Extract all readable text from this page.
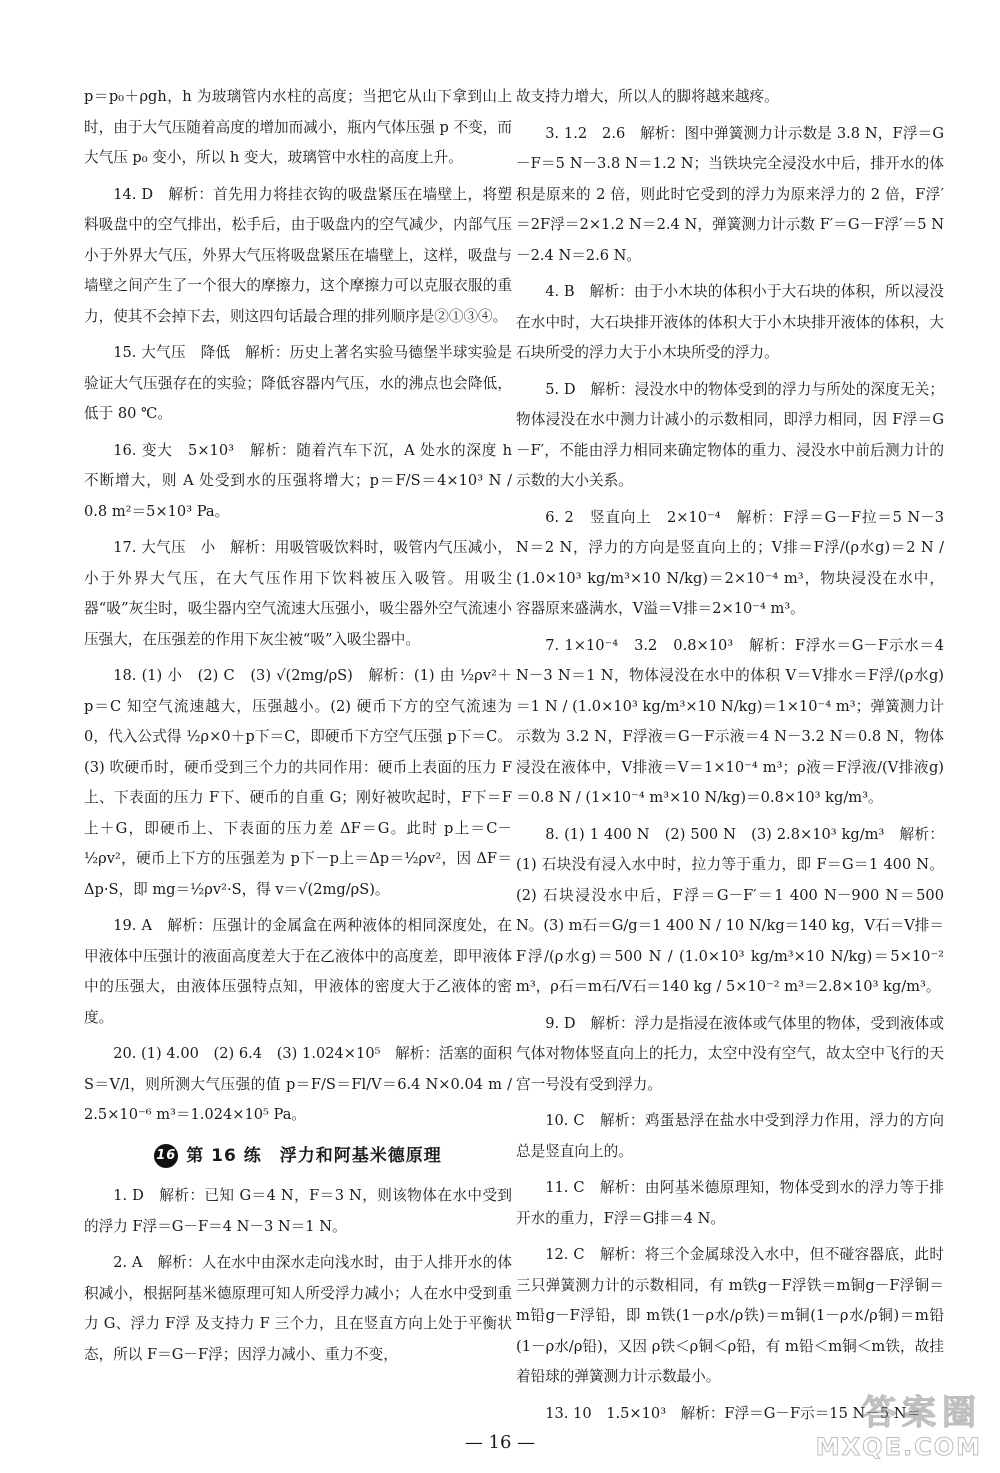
p＝p₀＋ρgh，h 为玻璃管内水柱的高度；当把它从山下拿到山上时，由于大气压随着高度的增加而减小，瓶内气体压强 p 不变，而大气压 p₀ 变小，所以 h 变大，玻璃管中水柱的高度上升。

14. D　解析：首先用力将挂衣钩的吸盘紧压在墙壁上，将塑料吸盘中的空气排出，松手后，由于吸盘内的空气减少，内部气压小于外界大气压，外界大气压将吸盘紧压在墙壁上，这样，吸盘与墙壁之间产生了一个很大的摩擦力，这个摩擦力可以克服衣服的重力，使其不会掉下去，则这四句话最合理的排列顺序是②①③④。

15. 大气压　降低　解析：历史上著名实验马德堡半球实验是验证大气压强存在的实验；降低容器内气压，水的沸点也会降低，低于 80 ℃。

16. 变大　5×10³　解析：随着汽车下沉，A 处水的深度 h 不断增大，则 A 处受到水的压强将增大；p＝F/S＝4×10³ N / 0.8 m²＝5×10³ Pa。

17. 大气压　小　解析：用吸管吸饮料时，吸管内气压减小，小于外界大气压，在大气压作用下饮料被压入吸管。用吸尘器“吸”灰尘时，吸尘器内空气流速大压强小，吸尘器外空气流速小压强大，在压强差的作用下灰尘被“吸”入吸尘器中。

18. (1) 小　(2) C　(3) √(2mg/ρS)　解析：(1) 由 ½ρv²＋p＝C 知空气流速越大，压强越小。(2) 硬币下方的空气流速为 0，代入公式得 ½ρ×0＋p下＝C，即硬币下方空气压强 p下＝C。(3) 吹硬币时，硬币受到三个力的共同作用：硬币上表面的压力 F上、下表面的压力 F下、硬币的自重 G；刚好被吹起时，F下＝F上＋G，即硬币上、下表面的压力差 ΔF＝G。此时 p上＝C－½ρv²，硬币上下方的压强差为 p下－p上＝Δp＝½ρv²，因 ΔF＝Δp·S，即 mg＝½ρv²·S，得 v＝√(2mg/ρS)。

19. A　解析：压强计的金属盒在两种液体的相同深度处，在甲液体中压强计的液面高度差大于在乙液体中的高度差，即甲液体中的压强大，由液体压强特点知，甲液体的密度大于乙液体的密度。

20. (1) 4.00　(2) 6.4　(3) 1.024×10⁵　解析：活塞的面积 S＝V/l，则所测大气压强的值 p＝F/S＝Fl/V＝6.4 N×0.04 m / 2.5×10⁻⁶ m³＝1.024×10⁵ Pa。

16 第 16 练　浮力和阿基米德原理

1. D　解析：已知 G＝4 N，F＝3 N，则该物体在水中受到的浮力 F浮＝G－F＝4 N－3 N＝1 N。

2. A　解析：人在水中由深水走向浅水时，由于人排开水的体积减小，根据阿基米德原理可知人所受浮力减小；人在水中受到重力 G、浮力 F浮 及支持力 F 三个力，且在竖直方向上处于平衡状态，所以 F＝G－F浮；因浮力减小、重力不变，

故支持力增大，所以人的脚将越来越疼。

3. 1.2　2.6　解析：图中弹簧测力计示数是 3.8 N，F浮＝G－F＝5 N－3.8 N＝1.2 N；当铁块完全浸没水中后，排开水的体积是原来的 2 倍，则此时它受到的浮力为原来浮力的 2 倍，F浮′＝2F浮＝2×1.2 N＝2.4 N，弹簧测力计示数 F′＝G－F浮′＝5 N－2.4 N＝2.6 N。

4. B　解析：由于小木块的体积小于大石块的体积，所以浸没在水中时，大石块排开液体的体积大于小木块排开液体的体积，大石块所受的浮力大于小木块所受的浮力。

5. D　解析：浸没水中的物体受到的浮力与所处的深度无关；物体浸没在水中测力计减小的示数相同，即浮力相同，因 F浮＝G－F′，不能由浮力相同来确定物体的重力、浸没水中前后测力计的示数的大小关系。

6. 2　竖直向上　2×10⁻⁴　解析：F浮＝G－F拉＝5 N－3 N＝2 N，浮力的方向是竖直向上的；V排＝F浮/(ρ水g)＝2 N / (1.0×10³ kg/m³×10 N/kg)＝2×10⁻⁴ m³，物块浸没在水中，容器原来盛满水，V溢＝V排＝2×10⁻⁴ m³。

7. 1×10⁻⁴　3.2　0.8×10³　解析：F浮水＝G－F示水＝4 N－3 N＝1 N，物体浸没在水中的体积 V＝V排水＝F浮/(ρ水g)＝1 N / (1.0×10³ kg/m³×10 N/kg)＝1×10⁻⁴ m³；弹簧测力计示数为 3.2 N，F浮液＝G－F示液＝4 N－3.2 N＝0.8 N，物体浸没在液体中，V排液＝V＝1×10⁻⁴ m³；ρ液＝F浮液/(V排液g)＝0.8 N / (1×10⁻⁴ m³×10 N/kg)＝0.8×10³ kg/m³。

8. (1) 1 400 N　(2) 500 N　(3) 2.8×10³ kg/m³　解析：(1) 石块没有浸入水中时，拉力等于重力，即 F＝G＝1 400 N。(2) 石块浸没水中后，F浮＝G－F′＝1 400 N－900 N＝500 N。(3) m石＝G/g＝1 400 N / 10 N/kg＝140 kg，V石＝V排＝F浮/(ρ水g)＝500 N / (1.0×10³ kg/m³×10 N/kg)＝5×10⁻² m³，ρ石＝m石/V石＝140 kg / 5×10⁻² m³＝2.8×10³ kg/m³。

9. D　解析：浮力是指浸在液体或气体里的物体，受到液体或气体对物体竖直向上的托力，太空中没有空气，故太空中飞行的天宫一号没有受到浮力。

10. C　解析：鸡蛋悬浮在盐水中受到浮力作用，浮力的方向总是竖直向上的。

11. C　解析：由阿基米德原理知，物体受到水的浮力等于排开水的重力，F浮＝G排＝4 N。

12. C　解析：将三个金属球没入水中，但不碰容器底，此时三只弹簧测力计的示数相同，有 m铁g－F浮铁＝m铜g－F浮铜＝m铅g－F浮铅，即 m铁(1－ρ水/ρ铁)＝m铜(1－ρ水/ρ铜)＝m铅(1－ρ水/ρ铅)，又因 ρ铁＜ρ铜＜ρ铅，有 m铅＜m铜＜m铁，故挂着铅球的弹簧测力计示数最小。

13. 10　1.5×10³　解析：F浮＝G－F示＝15 N－5 N＝

— 16 —
答案圈
MXQE.COM
